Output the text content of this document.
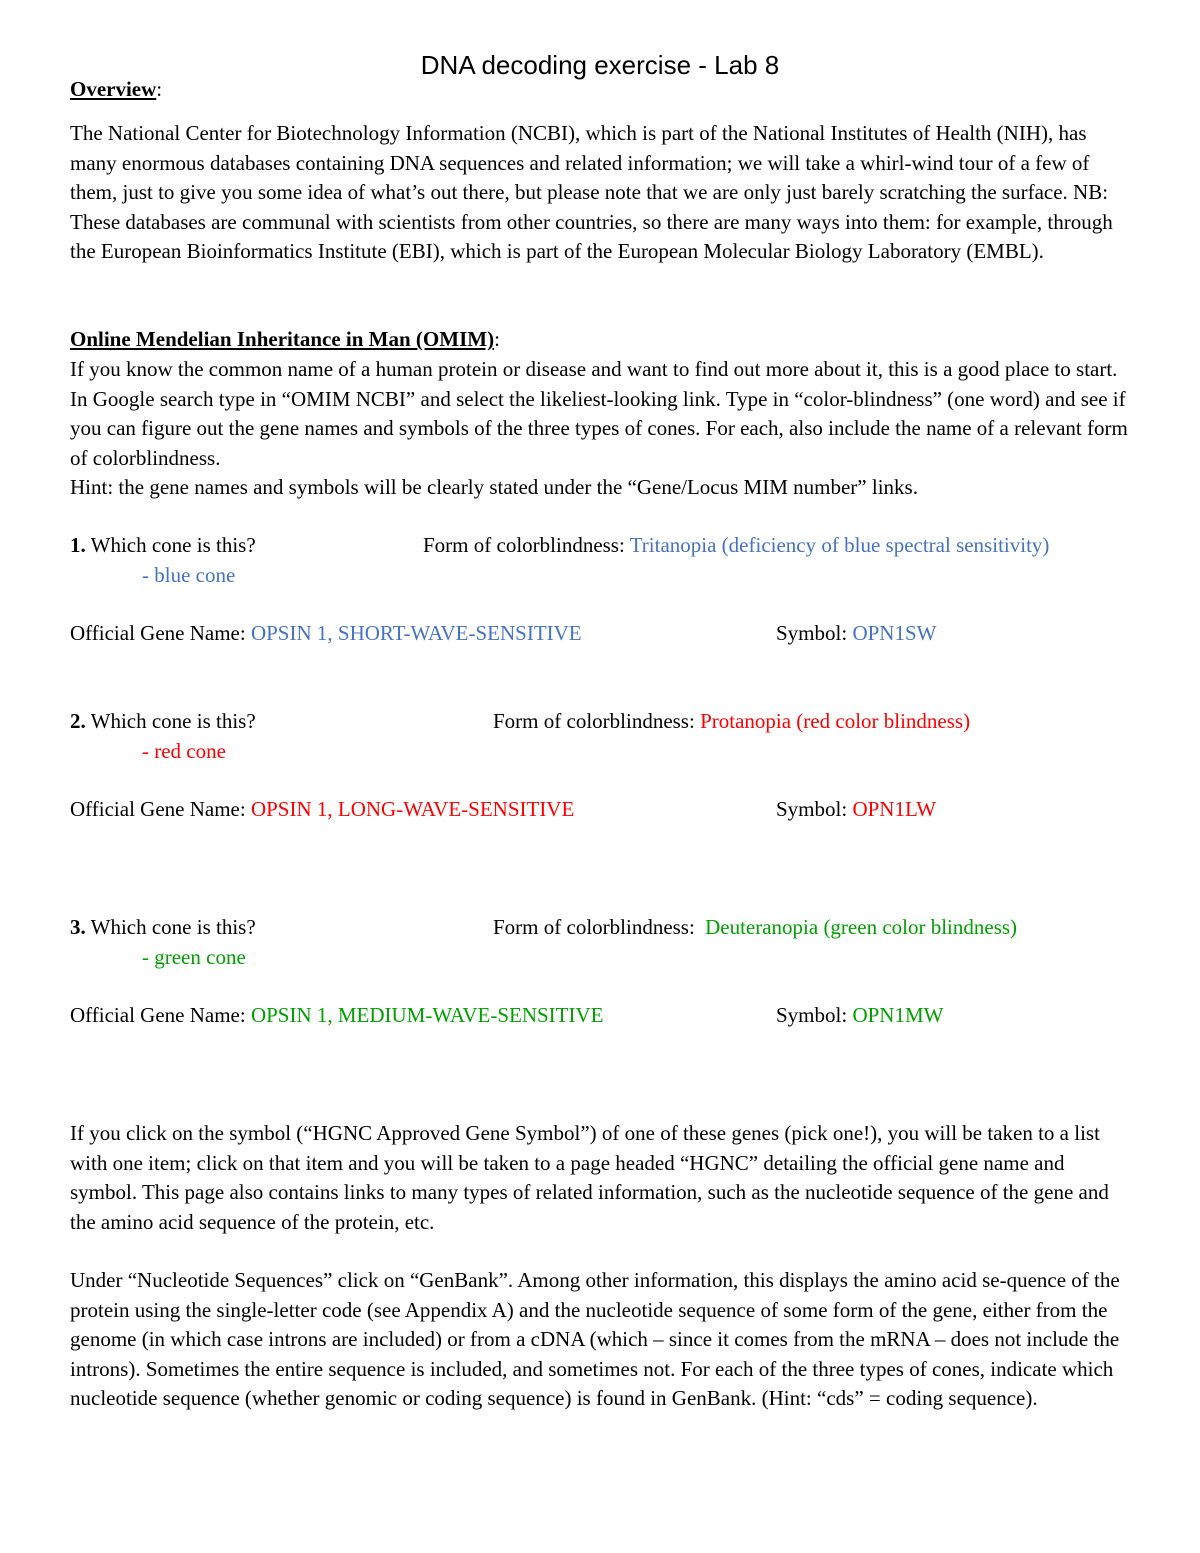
DNA decoding exercise - Lab 8
Overview:
The National Center for Biotechnology Information (NCBI), which is part of the National Institutes of Health (NIH), has many enormous databases containing DNA sequences and related information; we will take a whirl-wind tour of a few of them, just to give you some idea of what’s out there, but please note that we are only just barely scratching the surface. NB: These databases are communal with scientists from other countries, so there are many ways into them: for example, through the European Bioinformatics Institute (EBI), which is part of the European Molecular Biology Laboratory (EMBL).
Online Mendelian Inheritance in Man (OMIM):
If you know the common name of a human protein or disease and want to find out more about it, this is a good place to start. In Google search type in “OMIM NCBI” and select the likeliest-looking link. Type in “color-blindness” (one word) and see if you can figure out the gene names and symbols of the three types of cones. For each, also include the name of a relevant form of colorblindness.
Hint: the gene names and symbols will be clearly stated under the “Gene/Locus MIM number” links.
1. Which cone is this?	Form of colorblindness: Tritanopia (deficiency of blue spectral sensitivity)
- blue cone
Official Gene Name: OPSIN 1, SHORT-WAVE-SENSITIVE	Symbol: OPN1SW
2. Which cone is this?	Form of colorblindness: Protanopia (red color blindness)
- red cone
Official Gene Name: OPSIN 1, LONG-WAVE-SENSITIVE	Symbol: OPN1LW
3. Which cone is this?	Form of colorblindness: Deuteranopia (green color blindness)
- green cone
Official Gene Name: OPSIN 1, MEDIUM-WAVE-SENSITIVE	Symbol: OPN1MW
If you click on the symbol (“HGNC Approved Gene Symbol”) of one of these genes (pick one!), you will be taken to a list with one item; click on that item and you will be taken to a page headed “HGNC” detailing the official gene name and symbol. This page also contains links to many types of related information, such as the nucleotide sequence of the gene and the amino acid sequence of the protein, etc.
Under “Nucleotide Sequences” click on “GenBank”. Among other information, this displays the amino acid se-quence of the protein using the single-letter code (see Appendix A) and the nucleotide sequence of some form of the gene, either from the genome (in which case introns are included) or from a cDNA (which – since it comes from the mRNA – does not include the introns). Sometimes the entire sequence is included, and sometimes not. For each of the three types of cones, indicate which nucleotide sequence (whether genomic or coding sequence) is found in GenBank. (Hint: “cds” = coding sequence).
